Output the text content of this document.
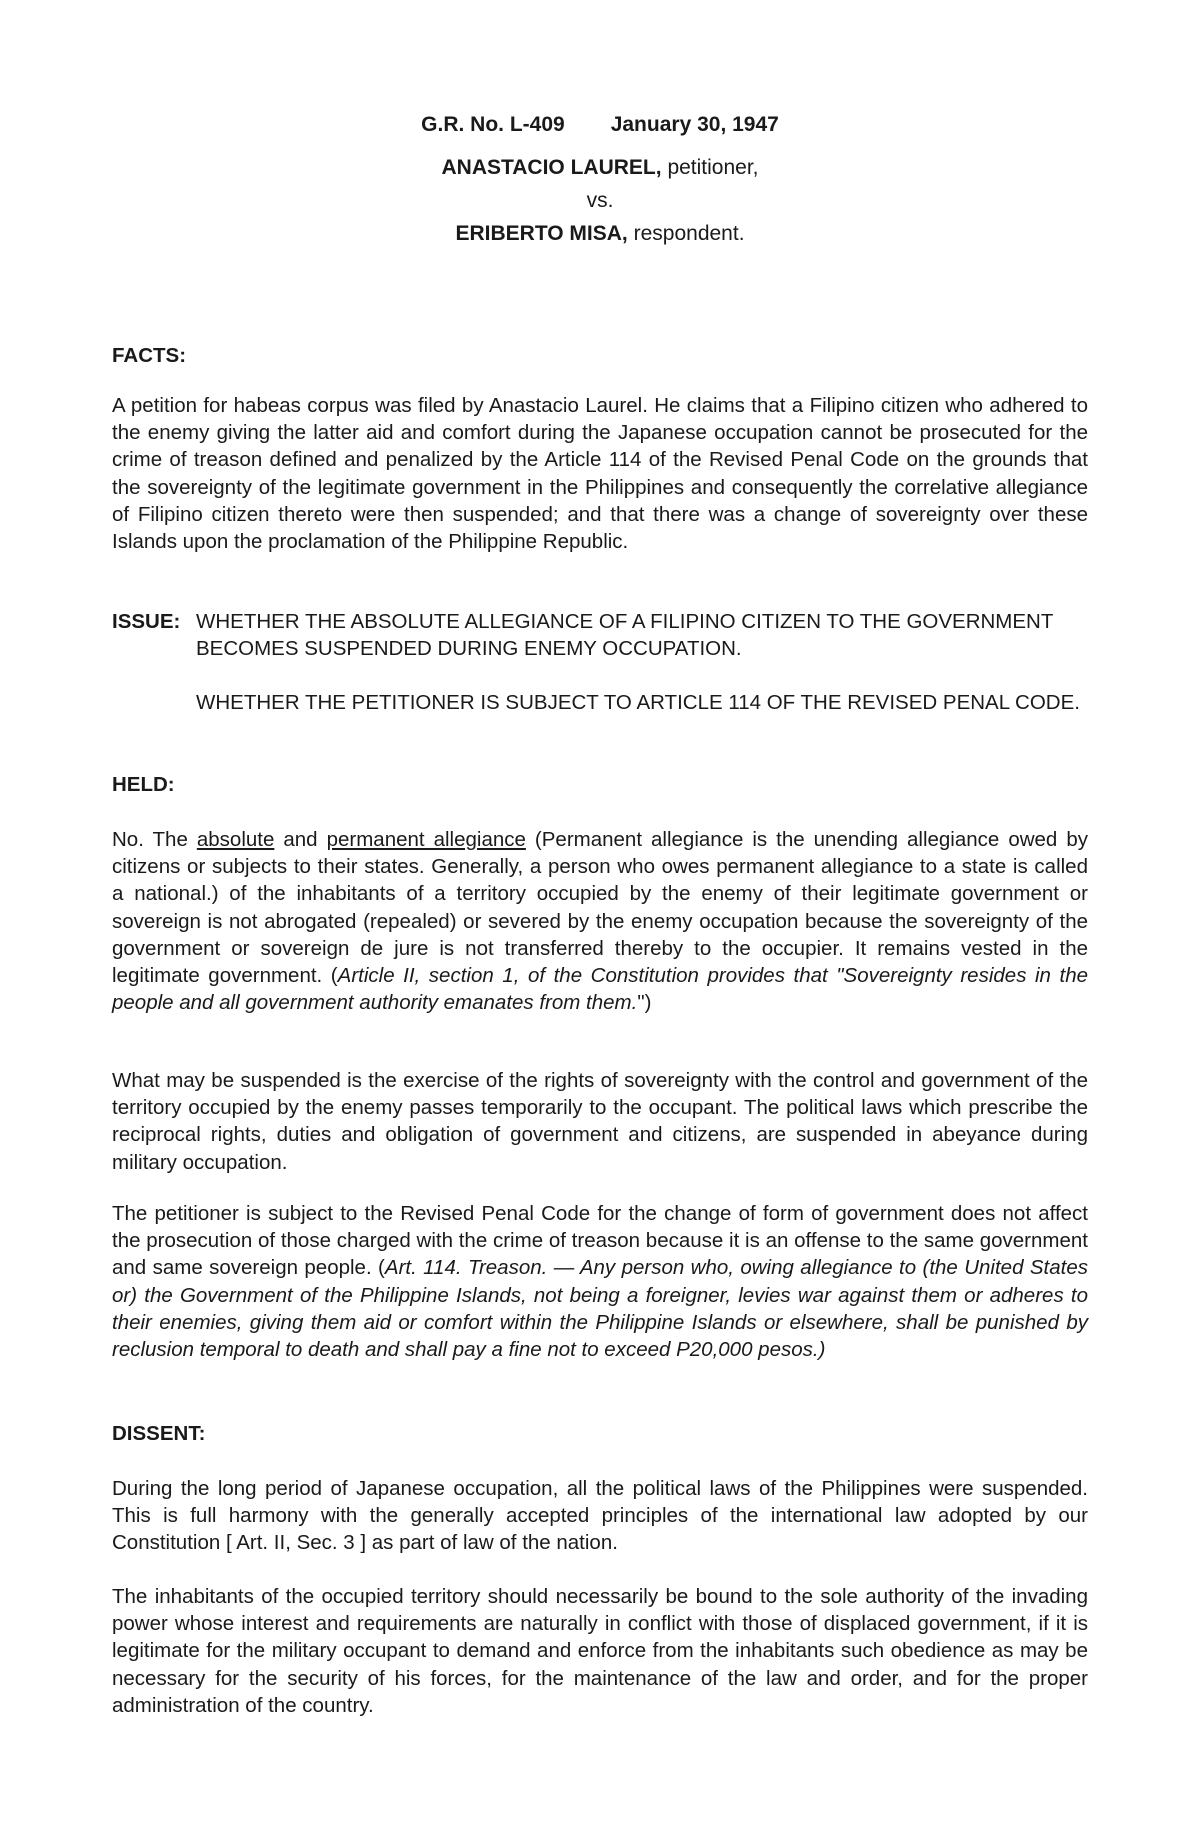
G.R. No. L-409 January 30, 1947
ANASTACIO LAUREL, petitioner,
vs.
ERIBERTO MISA, respondent.
FACTS:

A petition for habeas corpus was filed by Anastacio Laurel. He claims that a Filipino citizen who adhered to the enemy giving the latter aid and comfort during the Japanese occupation cannot be prosecuted for the crime of treason defined and penalized by the Article 114 of the Revised Penal Code on the grounds that the sovereignty of the legitimate government in the Philippines and consequently the correlative allegiance of Filipino citizen thereto were then suspended; and that there was a change of sovereignty over these Islands upon the proclamation of the Philippine Republic.

ISSUE: WHETHER THE ABSOLUTE ALLEGIANCE OF A FILIPINO CITIZEN TO THE GOVERNMENT BECOMES SUSPENDED DURING ENEMY OCCUPATION.

WHETHER THE PETITIONER IS SUBJECT TO ARTICLE 114 OF THE REVISED PENAL CODE.

HELD:

No. The absolute and permanent allegiance (Permanent allegiance is the unending allegiance owed by citizens or subjects to their states. Generally, a person who owes permanent allegiance to a state is called a national.) of the inhabitants of a territory occupied by the enemy of their legitimate government or sovereign is not abrogated (repealed) or severed by the enemy occupation because the sovereignty of the government or sovereign de jure is not transferred thereby to the occupier. It remains vested in the legitimate government. (Article II, section 1, of the Constitution provides that "Sovereignty resides in the people and all government authority emanates from them.")

What may be suspended is the exercise of the rights of sovereignty with the control and government of the territory occupied by the enemy passes temporarily to the occupant. The political laws which prescribe the reciprocal rights, duties and obligation of government and citizens, are suspended in abeyance during military occupation.

The petitioner is subject to the Revised Penal Code for the change of form of government does not affect the prosecution of those charged with the crime of treason because it is an offense to the same government and same sovereign people. (Art. 114. Treason. — Any person who, owing allegiance to (the United States or) the Government of the Philippine Islands, not being a foreigner, levies war against them or adheres to their enemies, giving them aid or comfort within the Philippine Islands or elsewhere, shall be punished by reclusion temporal to death and shall pay a fine not to exceed P20,000 pesos.)

DISSENT:

During the long period of Japanese occupation, all the political laws of the Philippines were suspended. This is full harmony with the generally accepted principles of the international law adopted by our Constitution [ Art. II, Sec. 3 ] as part of law of the nation.

The inhabitants of the occupied territory should necessarily be bound to the sole authority of the invading power whose interest and requirements are naturally in conflict with those of displaced government, if it is legitimate for the military occupant to demand and enforce from the inhabitants such obedience as may be necessary for the security of his forces, for the maintenance of the law and order, and for the proper administration of the country.
